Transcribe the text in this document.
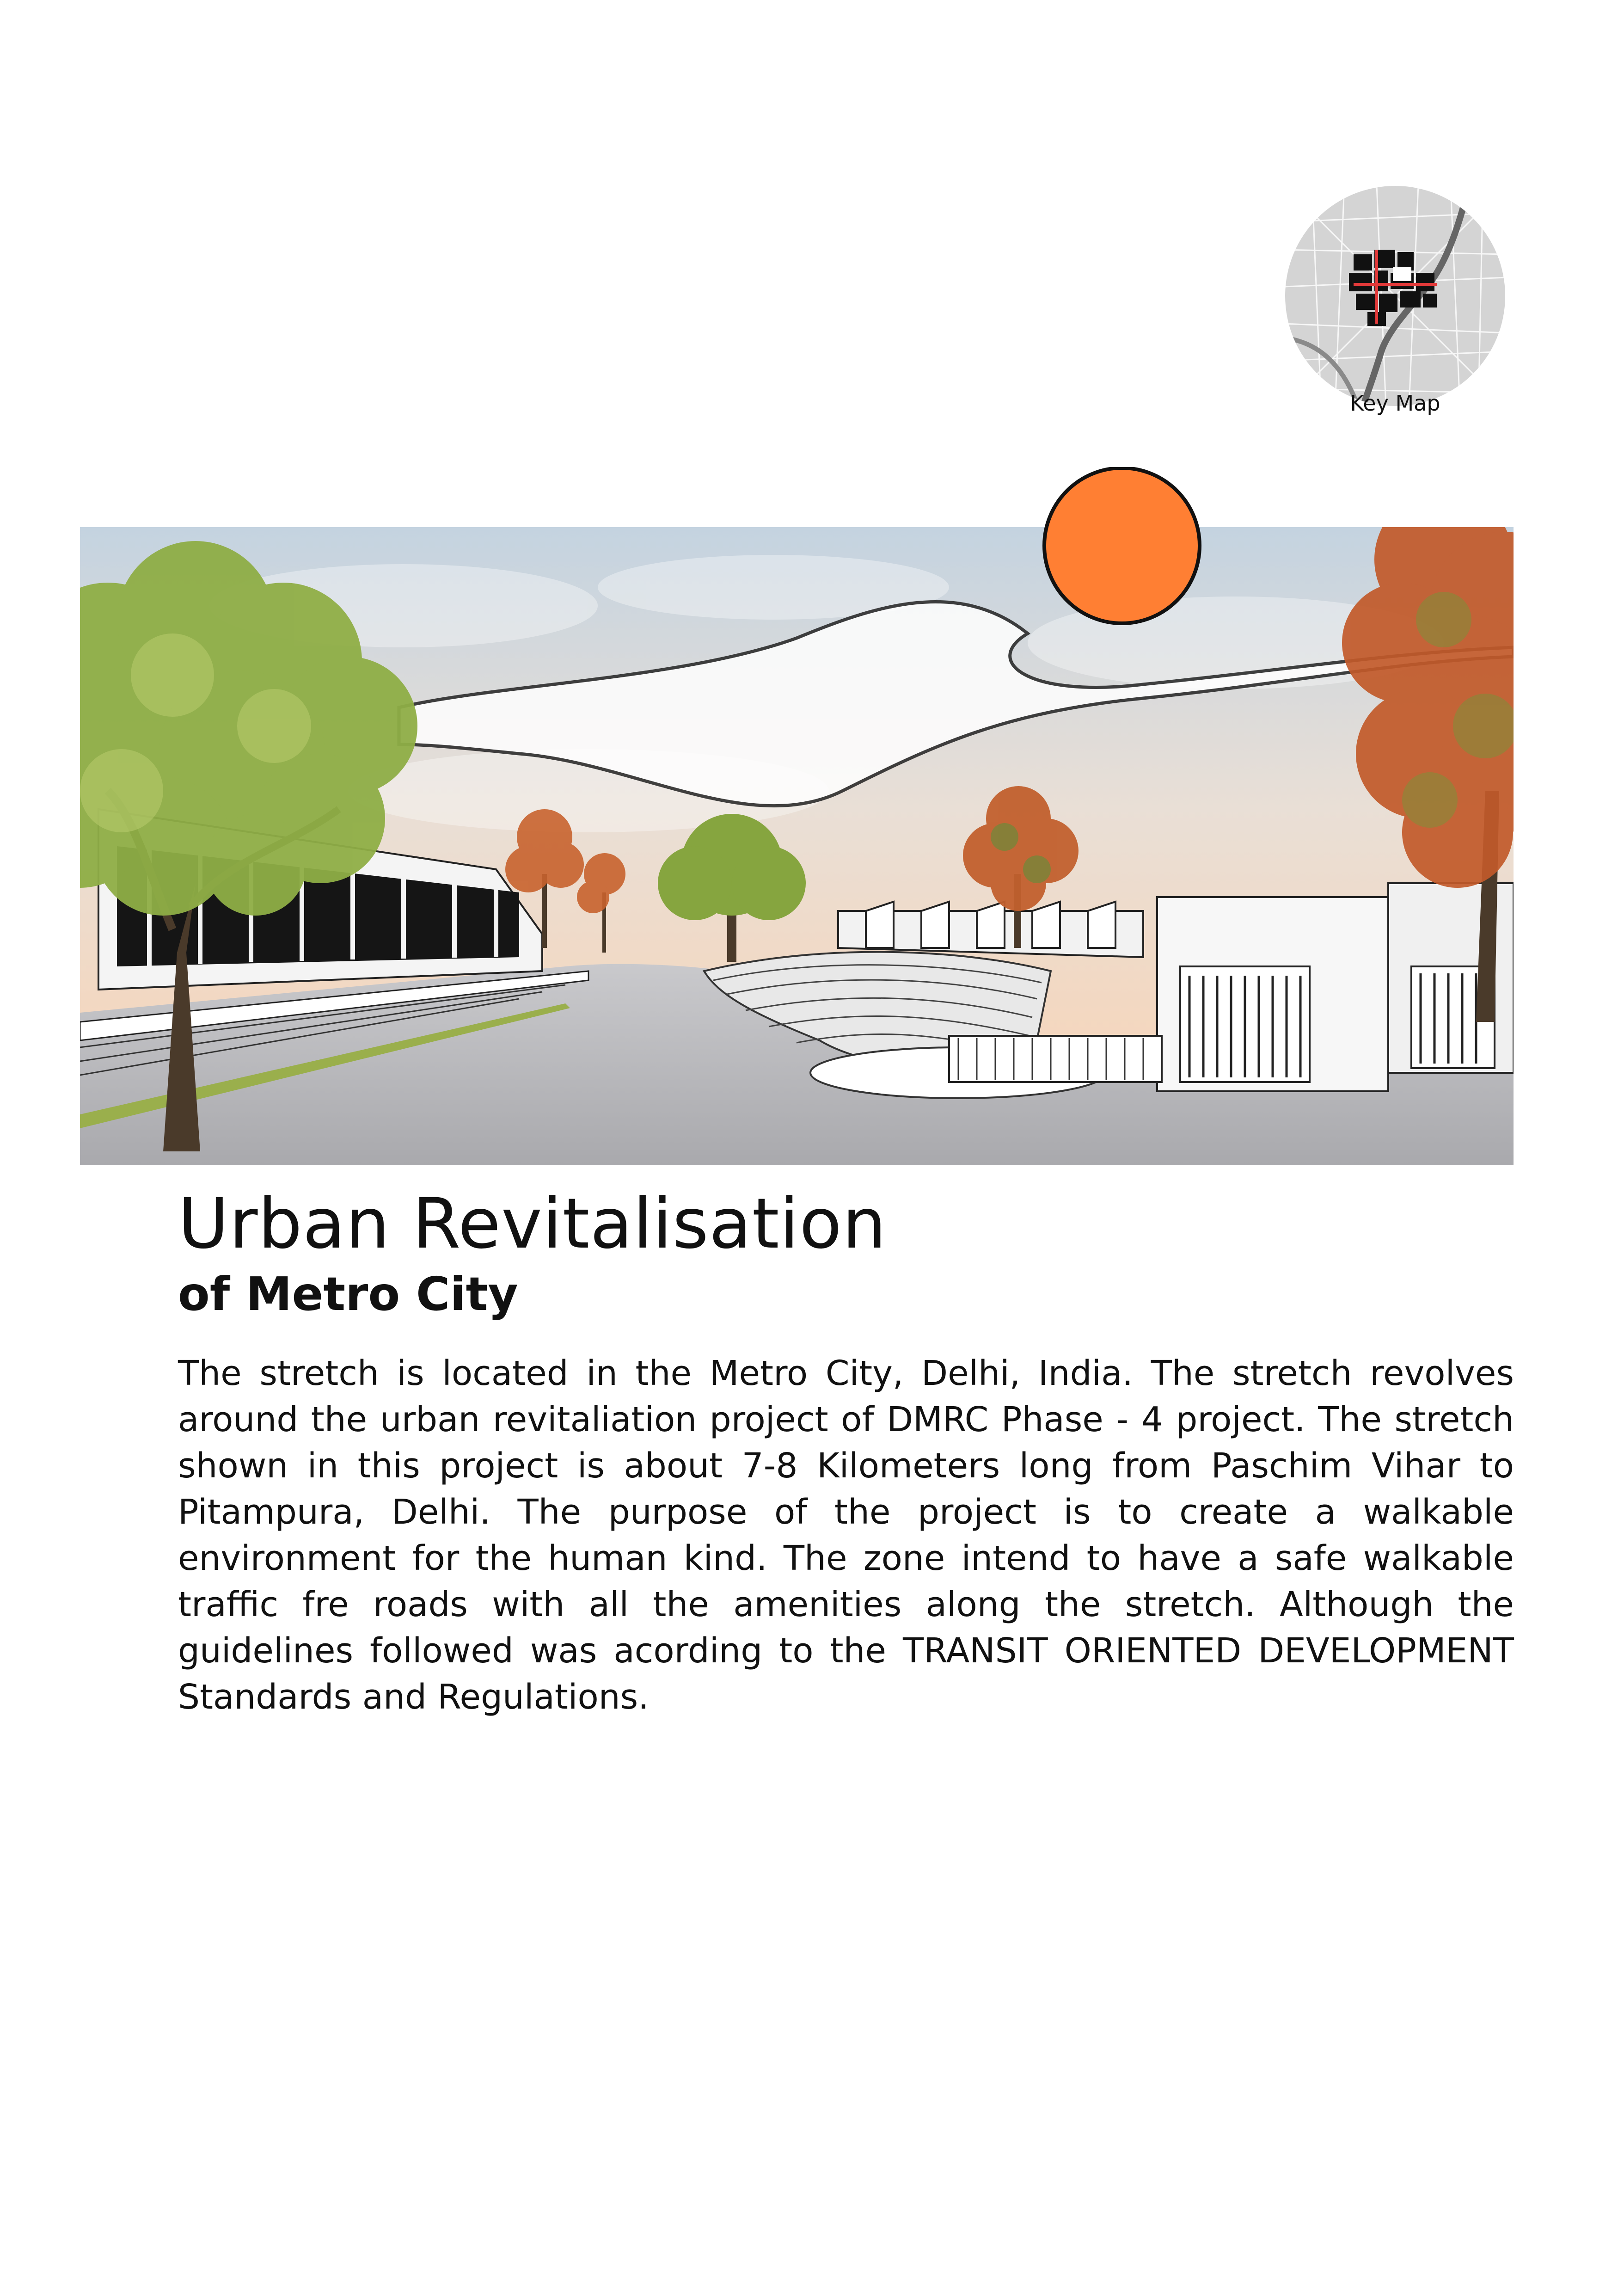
Key Map
Urban Revitalisation
of Metro City

The stretch is located in the Metro City, Delhi, India. The stretch revolves around the urban revitaliation project of DMRC Phase - 4 project. The stretch shown in this project is about 7-8 Kilometers long from Paschim Vihar to Pitampura, Delhi. The purpose of the project is to create a walkable environment for the human kind. The zone intend to have a safe walkable traffic fre roads with all the amenities along the stretch. Although the guidelines followed was acording to the TRANSIT ORIENTED DEVELOPMENT Standards and Regulations.
